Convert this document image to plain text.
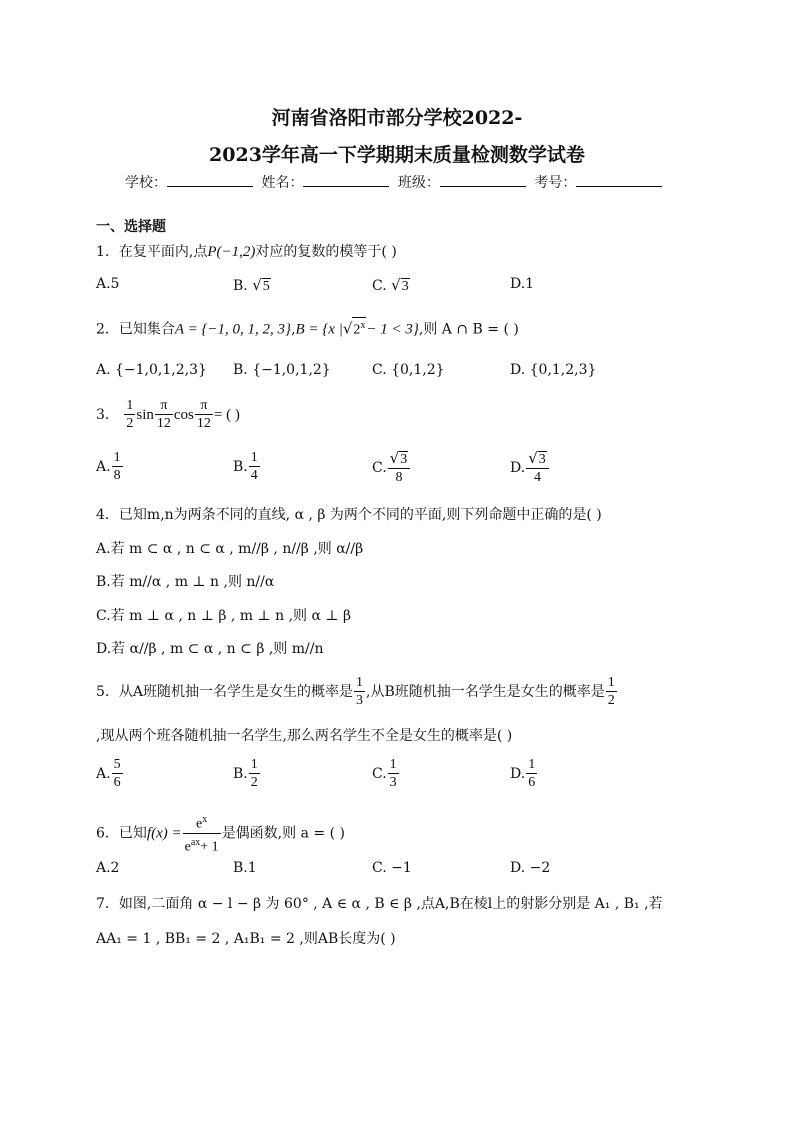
河南省洛阳市部分学校2022-
2023学年高一下学期期末质量检测数学试卷
学校：	姓名：	班级：	考号：
一、选择题
1．在复平面内,点P(−1,2)对应的复数的模等于( )
A.5	B. √5	C. √3	D.1
2．已知集合A = {−1, 0, 1, 2, 3},B = {x $|√2^x- 1 < 3$},则 A ∩ B = ( )
A. {−1,0,1,2,3} B. {−1,0,1,2}	C. {0,1,2}	D. {0,1,2,3}
3． $\frac{1}{2}$ $\sin \frac{\pi}{12}$ $\cos \frac{\pi}{12}$ = ( )
A. $\frac{1}{8}$	B. $\frac{1}{4}$	C. $\frac{√3}{8}$	D. $\frac{√3}{4}$
4．已知m,n为两条不同的直线, α , β 为两个不同的平面,则下列命题中正确的是( )
A.若 m ⊂ α , n ⊂ α , m//β , n//β ,则 α//β
B.若 m//α , m ⊥ n ,则 n//α
C.若 m ⊥ α , n ⊥ β , m ⊥ n ,则 α ⊥ β
D.若 α//β , m ⊂ α , n ⊂ β ,则 m//n
5．从A班随机抽一名学生是女生的概率是 $\frac{1}{3}$ ,从B班随机抽一名学生是女生的概率是 $\frac{1}{2}$
,现从两个班各随机抽一名学生,那么两名学生不全是女生的概率是( )
A. $\frac{5}{6}$	B. $\frac{1}{2}$	C. $\frac{1}{3}$	D. $\frac{1}{6}$
6．已知$f(x) = \frac{e^x}{e^{ax}+ 1}$ 是偶函数,则 a = ( )
A.2	B.1	C. −1	D. −2
7．如图,二面角 α − l − β 为 60° , A ∈ α , B ∈ β ,点A,B在棱l上的射影分别是 A₁ , B₁ ,若
AA₁ = 1 , BB₁ = 2 , A₁B₁ = 2 ,则AB长度为( )
